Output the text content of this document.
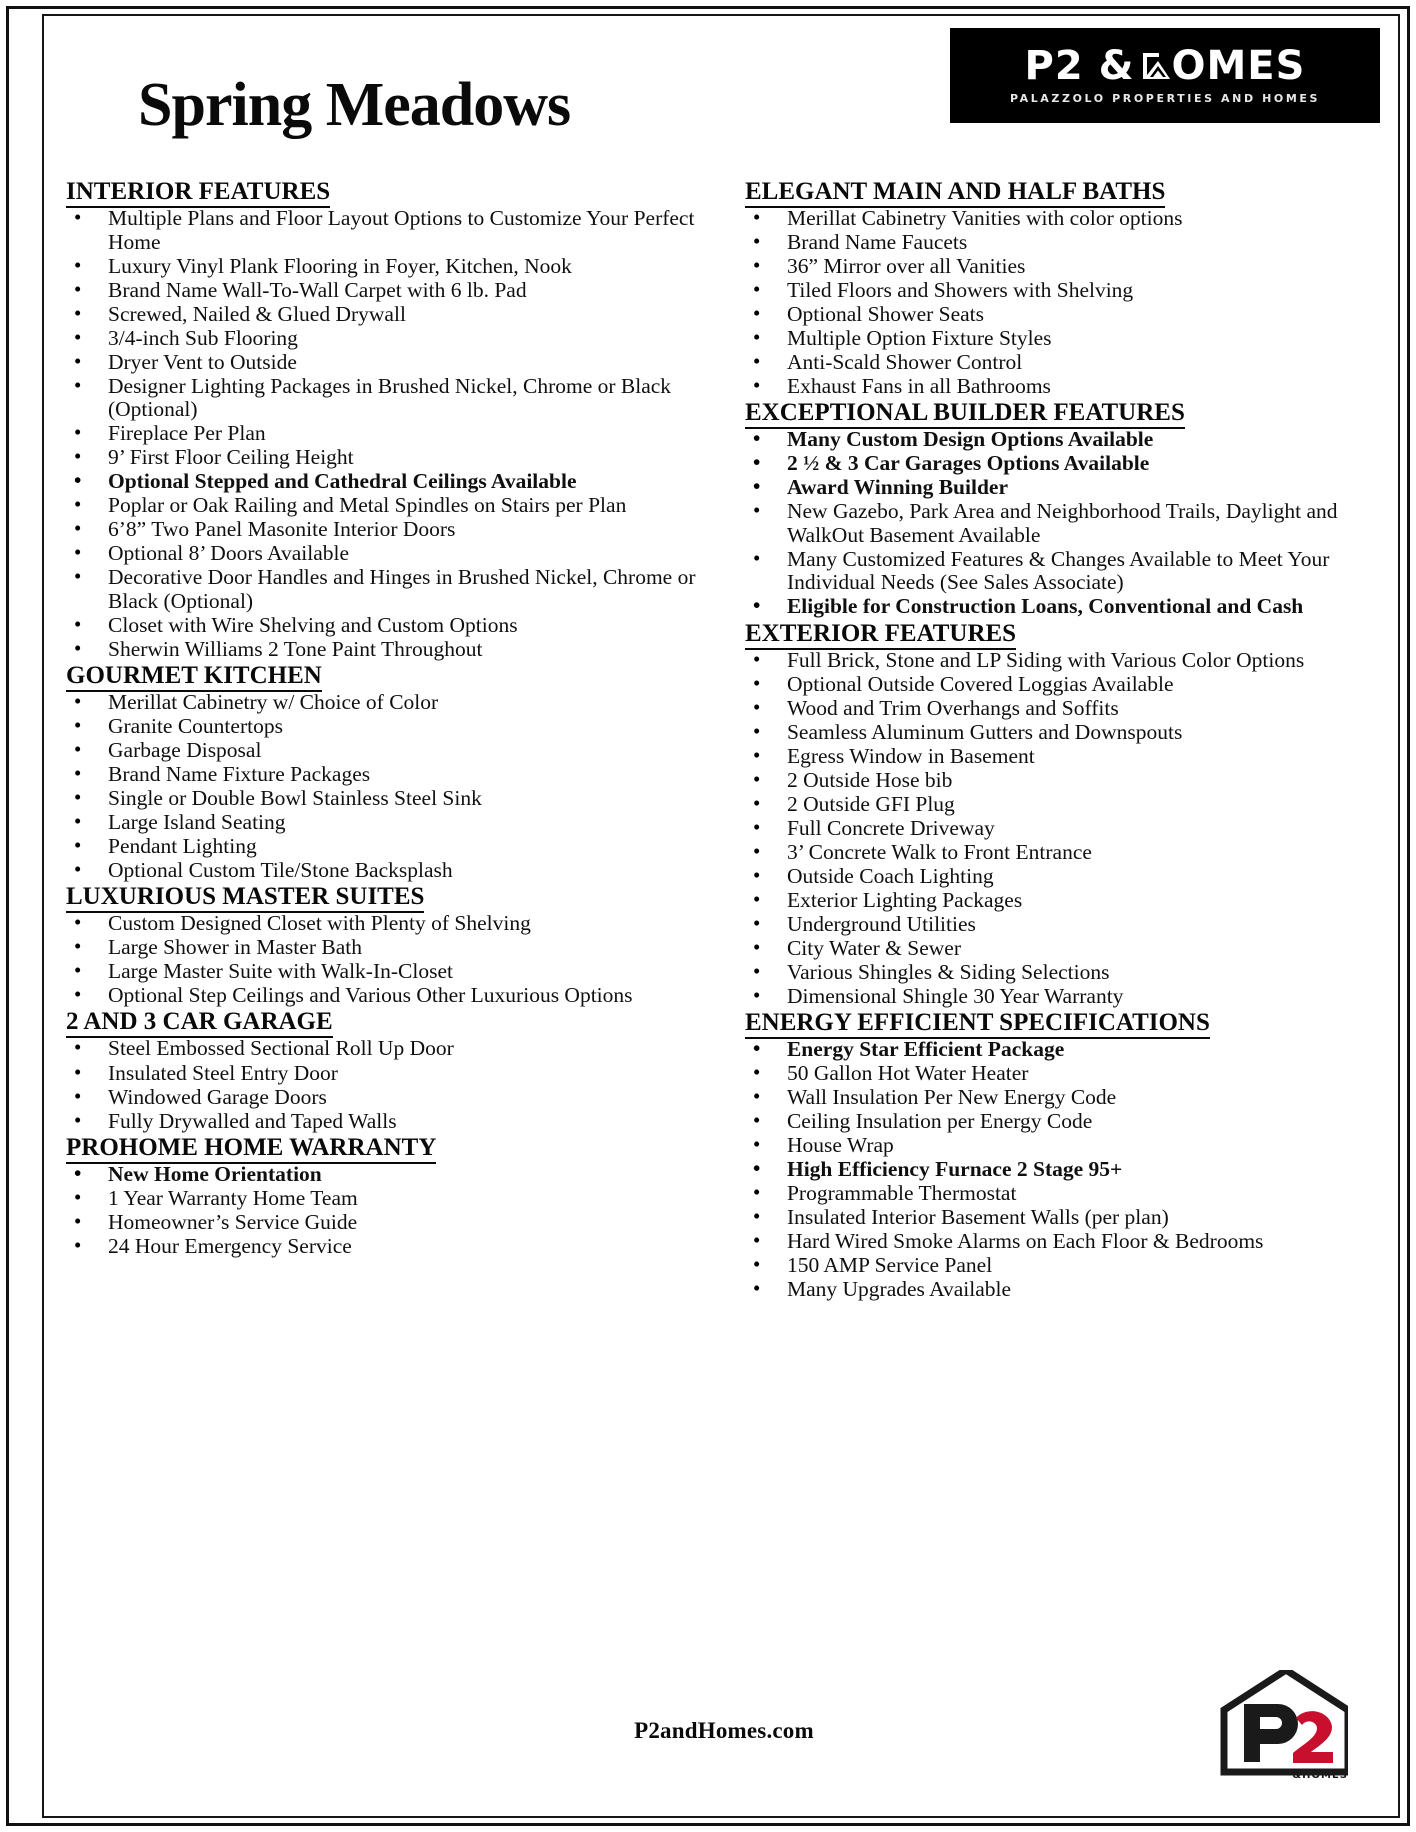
Spring Meadows
P2 & OMES
PALAZZOLO PROPERTIES AND HOMES
INTERIOR FEATURES
• Multiple Plans and Floor Layout Options to Customize Your Perfect Home
• Luxury Vinyl Plank Flooring in Foyer, Kitchen, Nook
• Brand Name Wall-To-Wall Carpet with 6 lb. Pad
• Screwed, Nailed & Glued Drywall
• 3/4-inch Sub Flooring
• Dryer Vent to Outside
• Designer Lighting Packages in Brushed Nickel, Chrome or Black (Optional)
• Fireplace Per Plan
• 9’ First Floor Ceiling Height
• Optional Stepped and Cathedral Ceilings Available
• Poplar or Oak Railing and Metal Spindles on Stairs per Plan
• 6’8” Two Panel Masonite Interior Doors
• Optional 8’ Doors Available
• Decorative Door Handles and Hinges in Brushed Nickel, Chrome or Black (Optional)
• Closet with Wire Shelving and Custom Options
• Sherwin Williams 2 Tone Paint Throughout
GOURMET KITCHEN
• Merillat Cabinetry w/ Choice of Color
• Granite Countertops
• Garbage Disposal
• Brand Name Fixture Packages
• Single or Double Bowl Stainless Steel Sink
• Large Island Seating
• Pendant Lighting
• Optional Custom Tile/Stone Backsplash
LUXURIOUS MASTER SUITES
• Custom Designed Closet with Plenty of Shelving
• Large Shower in Master Bath
• Large Master Suite with Walk-In-Closet
• Optional Step Ceilings and Various Other Luxurious Options
2 AND 3 CAR GARAGE
• Steel Embossed Sectional Roll Up Door
• Insulated Steel Entry Door
• Windowed Garage Doors
• Fully Drywalled and Taped Walls
PROHOME HOME WARRANTY
• New Home Orientation
• 1 Year Warranty Home Team
• Homeowner’s Service Guide
• 24 Hour Emergency Service
ELEGANT MAIN AND HALF BATHS
• Merillat Cabinetry Vanities with color options
• Brand Name Faucets
• 36” Mirror over all Vanities
• Tiled Floors and Showers with Shelving
• Optional Shower Seats
• Multiple Option Fixture Styles
• Anti-Scald Shower Control
• Exhaust Fans in all Bathrooms
EXCEPTIONAL BUILDER FEATURES
• Many Custom Design Options Available
• 2 ½ & 3 Car Garages Options Available
• Award Winning Builder
• New Gazebo, Park Area and Neighborhood Trails, Daylight and WalkOut Basement Available
• Many Customized Features & Changes Available to Meet Your Individual Needs (See Sales Associate)
• Eligible for Construction Loans, Conventional and Cash
EXTERIOR FEATURES
• Full Brick, Stone and LP Siding with Various Color Options
• Optional Outside Covered Loggias Available
• Wood and Trim Overhangs and Soffits
• Seamless Aluminum Gutters and Downspouts
• Egress Window in Basement
• 2 Outside Hose bib
• 2 Outside GFI Plug
• Full Concrete Driveway
• 3’ Concrete Walk to Front Entrance
• Outside Coach Lighting
• Exterior Lighting Packages
• Underground Utilities
• City Water & Sewer
• Various Shingles & Siding Selections
• Dimensional Shingle 30 Year Warranty
ENERGY EFFICIENT SPECIFICATIONS
• Energy Star Efficient Package
• 50 Gallon Hot Water Heater
• Wall Insulation Per New Energy Code
• Ceiling Insulation per Energy Code
• House Wrap
• High Efficiency Furnace 2 Stage 95+
• Programmable Thermostat
• Insulated Interior Basement Walls (per plan)
• Hard Wired Smoke Alarms on Each Floor & Bedrooms
• 150 AMP Service Panel
• Many Upgrades Available
P2andHomes.com
&HOMES
